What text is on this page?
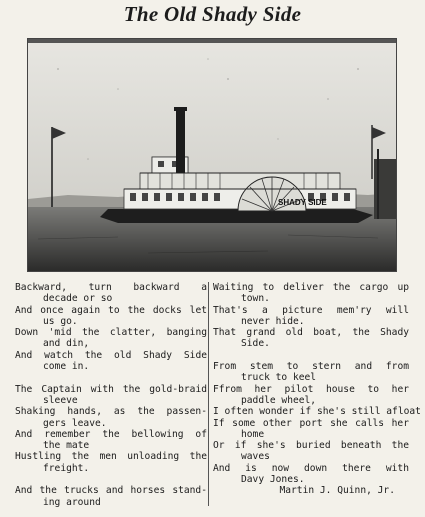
The Old Shady Side
SHADY SIDE
Backward, turn backward a
decade or so
And once again to the docks let
us go.
Down 'mid the clatter, banging
and din,
And watch the old Shady Side
come in.
The Captain with the gold-braid
sleeve
Shaking hands, as the passen-
gers leave.
And remember the bellowing of
the mate
Hustling the men unloading the
freight.
And the trucks and horses stand-
ing around
Waiting to deliver the cargo up
town.
That's a picture mem'ry will
never hide.
That grand old boat, the Shady
Side.
From stem to stern and from
truck to keel
Ffrom her pilot house to her
paddle wheel,
I often wonder if she's still afloat
If some other port she calls her
home
Or if she's buried beneath the
waves
And is now down there with
Davy Jones.
Martin J. Quinn, Jr.
